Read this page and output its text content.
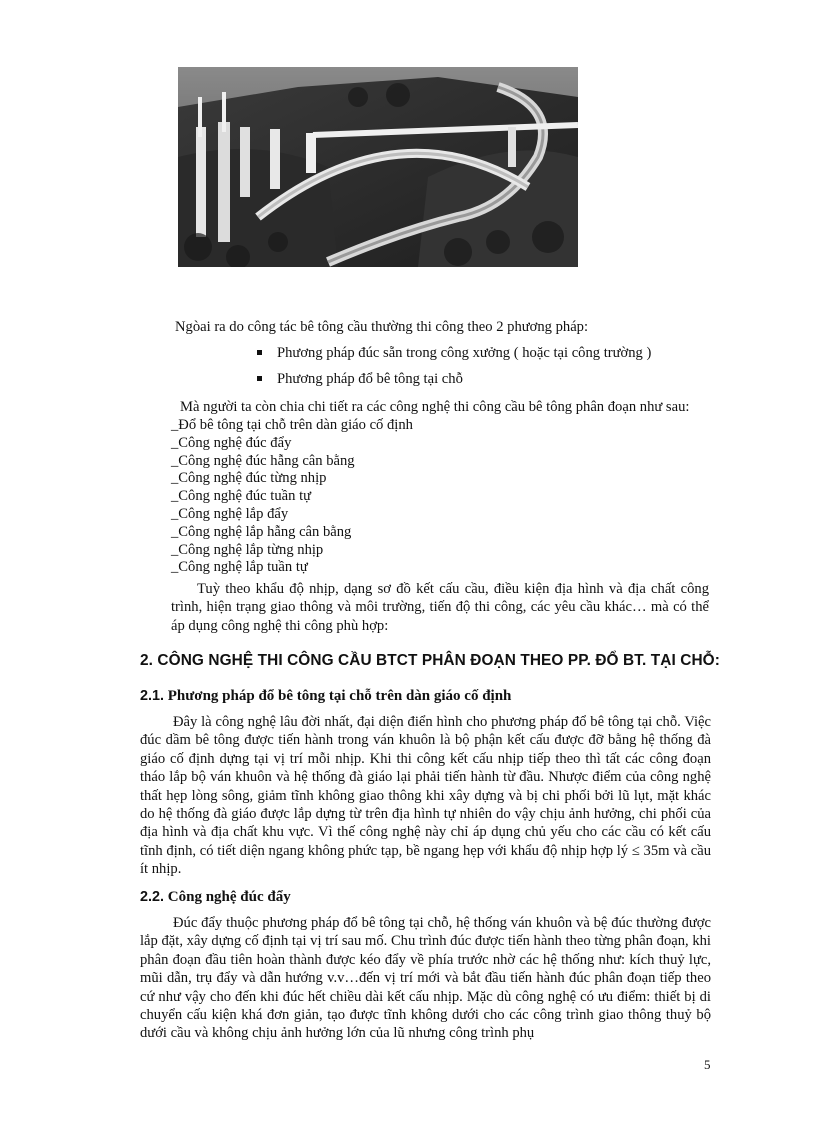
Ngòai ra do công tác bê tông cầu thường thi công theo 2 phương pháp:
Phương pháp đúc sẵn trong công xưởng ( hoặc tại công trường )
Phương pháp đổ bê tông tại chỗ
Mà người ta còn chia chi tiết ra các công nghệ thi công cầu bê tông phân đoạn như sau:
_Đổ bê tông tại chỗ trên dàn giáo cố định
_Công nghệ đúc đẩy
_Công nghệ đúc hẫng cân bằng
_Công nghệ đúc từng nhịp
_Công nghệ đúc tuần tự
_Công nghệ lắp đẩy
_Công nghệ lắp hẫng cân bằng
_Công nghệ lắp từng nhịp
_Công nghệ lắp tuần tự

Tuỳ theo khẩu độ nhịp, dạng sơ đồ kết cấu cầu, điều kiện địa hình và địa chất công trình, hiện trạng giao thông và môi trường, tiến độ thi công, các yêu cầu khác… mà có thể áp dụng công nghệ thi công phù hợp:

2. CÔNG NGHỆ THI CÔNG CẦU BTCT PHÂN ĐOẠN THEO PP. ĐỔ BT. TẠI CHỖ:
2.1. Phương pháp đổ bê tông tại chỗ trên dàn giáo cố định

Đây là công nghệ lâu đời nhất, đại diện điển hình cho phương pháp đổ bê tông tại chỗ. Việc đúc dầm bê tông được tiến hành trong ván khuôn là bộ phận kết cấu được đỡ bằng hệ thống đà giáo cố định dựng tại vị trí mỗi nhịp. Khi thi công kết cấu nhịp tiếp theo thì tất các công đoạn tháo lắp bộ ván khuôn và hệ thống đà giáo lại phải tiến hành từ đầu. Nhược điểm của công nghệ thất hẹp lòng sông, giảm tĩnh không giao thông khi xây dựng và bị chi phối bởi lũ lụt, mặt khác do hệ thống đà giáo được lắp dựng từ trên địa hình tự nhiên do vậy chịu ảnh hưởng, chi phối của địa hình và địa chất khu vực. Vì thế công nghệ này chỉ áp dụng chủ yếu cho các cầu có kết cấu tĩnh định, có tiết diện ngang không phức tạp, bề ngang hẹp với khẩu độ nhịp hợp lý ≤ 35m và cầu ít nhịp.

2.2. Công nghệ đúc đẩy

Đúc đẩy thuộc phương pháp đổ bê tông tại chỗ, hệ thống ván khuôn và bệ đúc thường được lắp đặt, xây dựng cố định tại vị trí sau mố. Chu trình đúc được tiến hành theo từng phân đoạn, khi phân đoạn đầu tiên hoàn thành được kéo đẩy về phía trước nhờ các hệ thống như: kích thuỷ lực, mũi dẫn, trụ đẩy và dẫn hướng v.v…đến vị trí mới và bắt đầu tiến hành đúc phân đoạn tiếp theo cứ như vậy cho đến khi đúc hết chiều dài kết cấu nhịp. Mặc dù công nghệ có ưu điểm: thiết bị di chuyển cấu kiện khá đơn giản, tạo được tĩnh không dưới cho các công trình giao thông thuỷ bộ dưới cầu và không chịu ảnh hưởng lớn của lũ nhưng công trình phụ

5
